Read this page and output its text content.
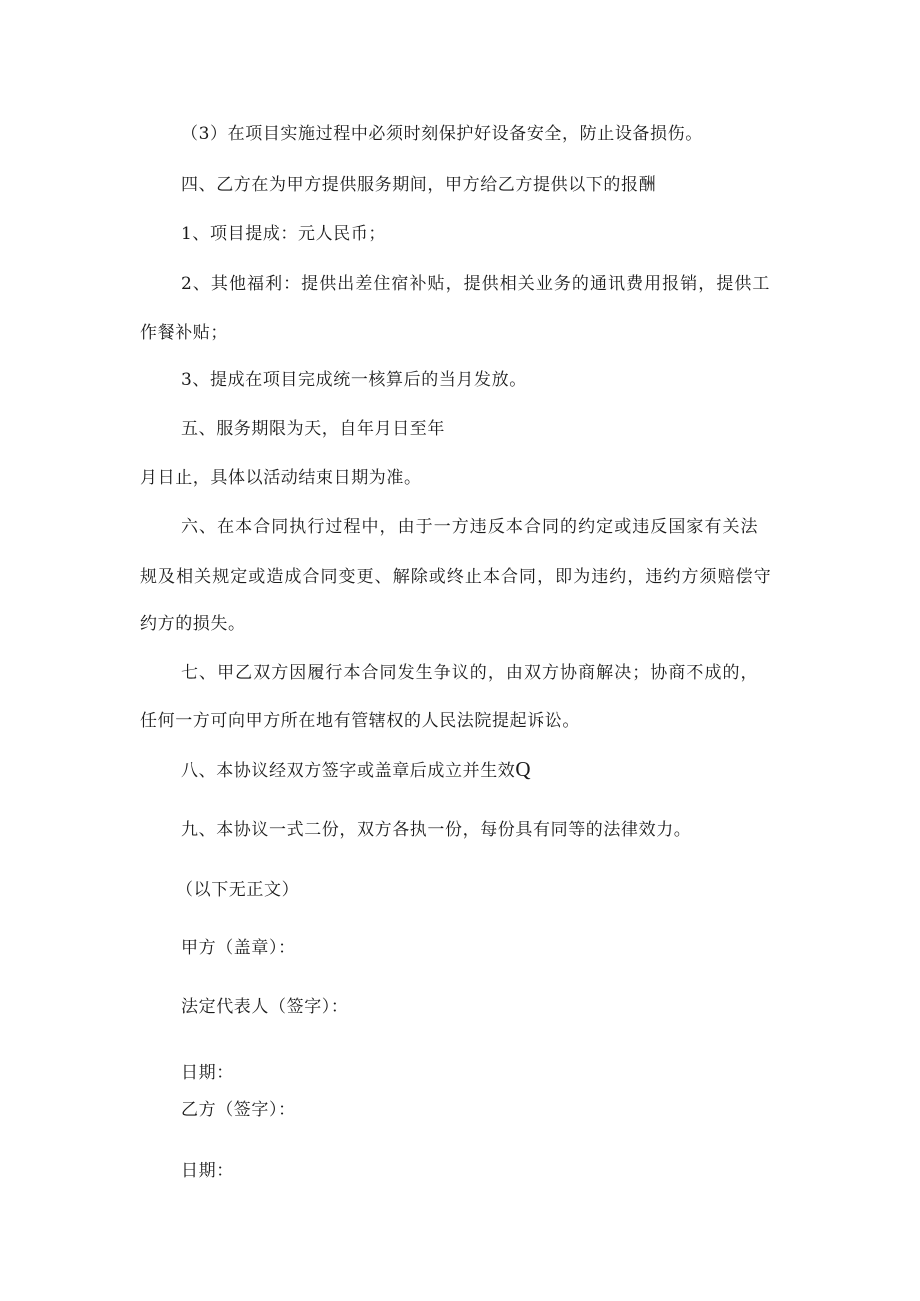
（3）在项目实施过程中必须时刻保护好设备安全，防止设备损伤。
四、乙方在为甲方提供服务期间，甲方给乙方提供以下的报酬
1、项目提成：元人民币；
2、其他福利：提供出差住宿补贴，提供相关业务的通讯费用报销，提供工
作餐补贴；
3、提成在项目完成统一核算后的当月发放。
五、服务期限为天，自年月日至年
月日止，具体以活动结束日期为准。
六、在本合同执行过程中，由于一方违反本合同的约定或违反国家有关法
规及相关规定或造成合同变更、解除或终止本合同，即为违约，违约方须赔偿守
约方的损失。
七、甲乙双方因履行本合同发生争议的，由双方协商解决；协商不成的，
任何一方可向甲方所在地有管辖权的人民法院提起诉讼。
八、本协议经双方签字或盖章后成立并生效Q
九、本协议一式二份，双方各执一份，每份具有同等的法律效力。
（以下无正文）
甲方（盖章）：
法定代表人（签字）：
日期：
乙方（签字）：
日期：
